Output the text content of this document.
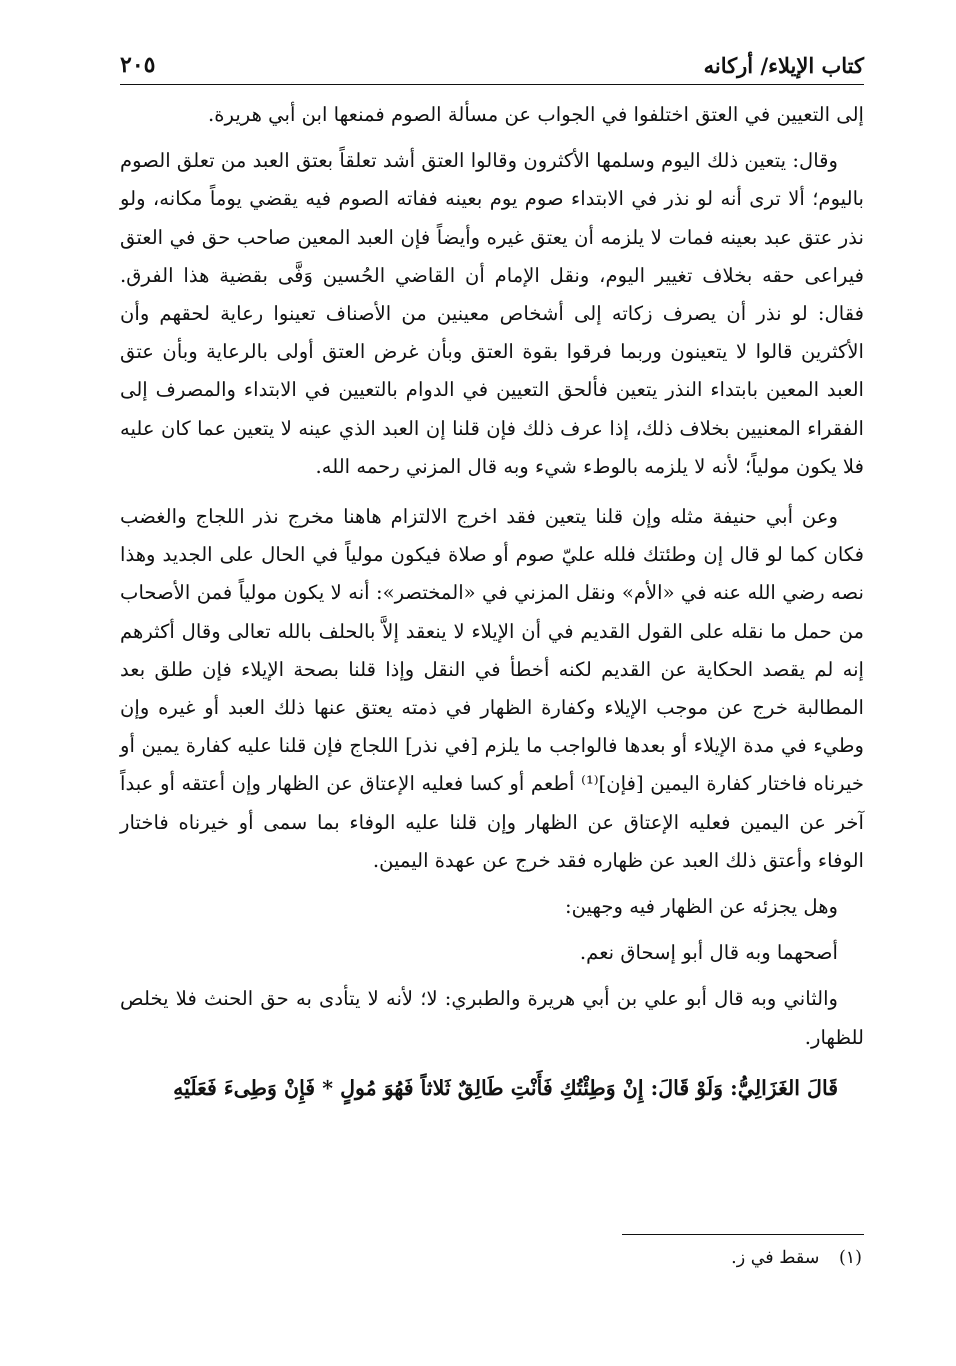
كتاب الإيلاء/ أركانه
٢٠٥

إلى التعيين في العتق اختلفوا في الجواب عن مسألة الصوم فمنعها ابن أبي هريرة.

وقال: يتعين ذلك اليوم وسلمها الأكثرون وقالوا العتق أشد تعلقاً بعتق العبد من تعلق الصوم باليوم؛ ألا ترى أنه لو نذر في الابتداء صوم يوم بعينه ففاته الصوم فيه يقضي يوماً مكانه، ولو نذر عتق عبد بعينه فمات لا يلزمه أن يعتق غيره وأيضاً فإن العبد المعين صاحب حق في العتق فيراعى حقه بخلاف تغيير اليوم، ونقل الإمام أن القاضي الحُسين وَفَّى بقضية هذا الفرق. فقال: لو نذر أن يصرف زكاته إلى أشخاص معينين من الأصناف تعينوا رعاية لحقهم وأن الأكثرين قالوا لا يتعينون وربما فرقوا بقوة العتق وبأن غرض العتق أولى بالرعاية وبأن عتق العبد المعين بابتداء النذر يتعين فألحق التعيين في الدوام بالتعيين في الابتداء والمصرف إلى الفقراء المعنيين بخلاف ذلك، إذا عرف ذلك فإن قلنا إن العبد الذي عينه لا يتعين عما كان عليه فلا يكون مولياً؛ لأنه لا يلزمه بالوطء شيء وبه قال المزني رحمه الله.

وعن أبي حنيفة مثله وإن قلنا يتعين فقد اخرج الالتزام هاهنا مخرج نذر اللجاج والغضب فكان كما لو قال إن وطئتك فلله عليّ صوم أو صلاة فيكون مولياً في الحال على الجديد وهذا نصه رضي الله عنه في «الأم» ونقل المزني في «المختصر»: أنه لا يكون مولياً فمن الأصحاب من حمل ما نقله على القول القديم في أن الإيلاء لا ينعقد إلاَّ بالحلف بالله تعالى وقال أكثرهم إنه لم يقصد الحكاية عن القديم لكنه أخطأ في النقل وإذا قلنا بصحة الإيلاء فإن طلق بعد المطالبة خرج عن موجب الإيلاء وكفارة الظهار في ذمته يعتق عنها ذلك العبد أو غيره وإن وطيء في مدة الإيلاء أو بعدها فالواجب ما يلزم [في نذر] اللجاج فإن قلنا عليه كفارة يمين أو خيرناه فاختار كفارة اليمين [فإن]⁽¹⁾ أطعم أو كسا فعليه الإعتاق عن الظهار وإن أعتقه أو عبداً آخر عن اليمين فعليه الإعتاق عن الظهار وإن قلنا عليه الوفاء بما سمى أو خيرناه فاختار الوفاء وأعتق ذلك العبد عن ظهاره فقد خرج عن عهدة اليمين.

وهل يجزئه عن الظهار فيه وجهين:

أصحهما وبه قال أبو إسحاق نعم.

والثاني وبه قال أبو علي بن أبي هريرة والطبري: لا؛ لأنه لا يتأدى به حق الحنث فلا يخلص للظهار.

قَالَ الغَزَالِيُّ: وَلَوْ قَالَ: إِنْ وَطِئْتُكِ فَأَنْتِ طَالِقٌ ثَلاثاً فَهُوَ مُولٍ * فَإِنْ وَطِىءَ فَعَلَيْهِ

(١) سقط في ز.
